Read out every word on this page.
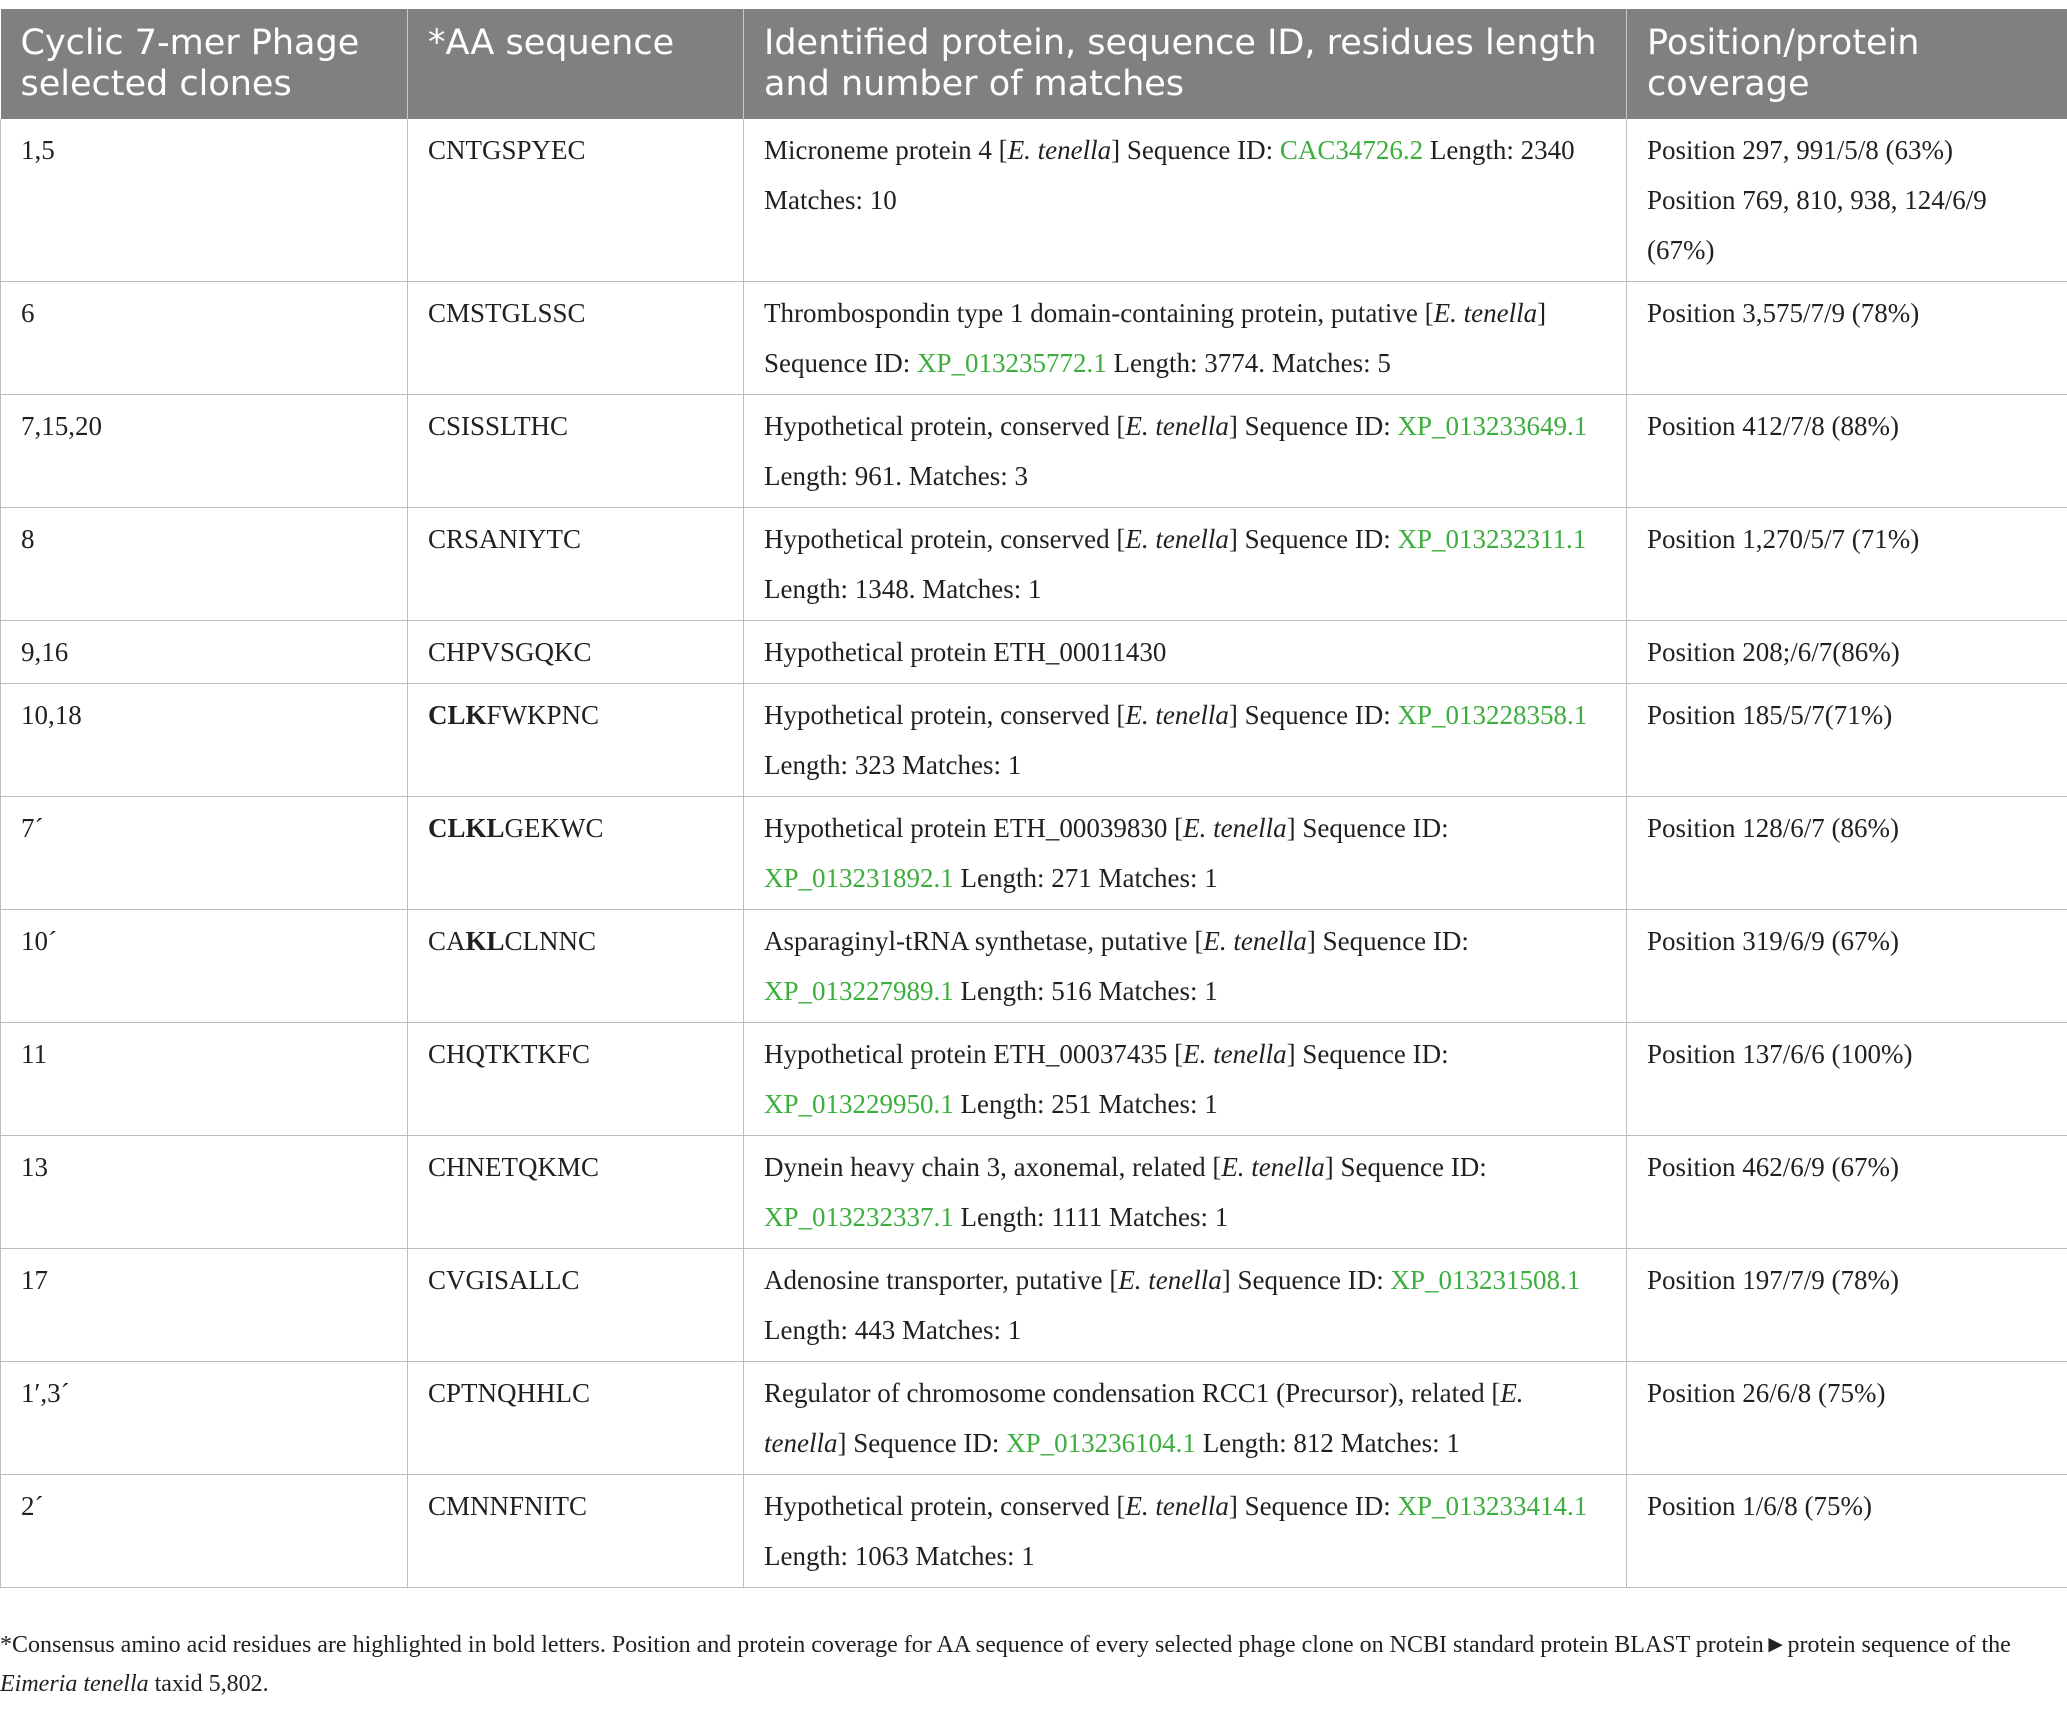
Cyclic 7-mer Phage selected clones	*AA sequence	Identified protein, sequence ID, residues length and number of matches	Position/protein coverage
1,5	CNTGSPYEC	Microneme protein 4 [E. tenella] Sequence ID: CAC34726.2 Length: 2340 Matches: 10	Position 297, 991/5/8 (63%)
Position 769, 810, 938, 124/6/9 (67%)

6	CMSTGLSSC	Thrombospondin type 1 domain-containing protein, putative [E. tenella] Sequence ID: XP_013235772.1 Length: 3774. Matches: 5	Position 3,575/7/9 (78%)

7,15,20	CSISSLTHC	Hypothetical protein, conserved [E. tenella] Sequence ID: XP_013233649.1 Length: 961. Matches: 3	Position 412/7/8 (88%)

8	CRSANIYTC	Hypothetical protein, conserved [E. tenella] Sequence ID: XP_013232311.1 Length: 1348. Matches: 1	Position 1,270/5/7 (71%)

9,16	CHPVSGQKC	Hypothetical protein ETH_00011430	Position 208;/6/7(86%)

10,18	CLKFWKPNC	Hypothetical protein, conserved [E. tenella] Sequence ID: XP_013228358.1 Length: 323 Matches: 1	Position 185/5/7(71%)

7´	CLKLGEKWC	Hypothetical protein ETH_00039830 [E. tenella] Sequence ID: XP_013231892.1 Length: 271 Matches: 1	Position 128/6/7 (86%)

10´	CAKLCLNNC	Asparaginyl-tRNA synthetase, putative [E. tenella] Sequence ID: XP_013227989.1 Length: 516 Matches: 1	Position 319/6/9 (67%)

11	CHQTKTKFC	Hypothetical protein ETH_00037435 [E. tenella] Sequence ID: XP_013229950.1 Length: 251 Matches: 1	Position 137/6/6 (100%)

13	CHNETQKMC	Dynein heavy chain 3, axonemal, related [E. tenella] Sequence ID: XP_013232337.1 Length: 1111 Matches: 1	Position 462/6/9 (67%)

17	CVGISALLC	Adenosine transporter, putative [E. tenella] Sequence ID: XP_013231508.1 Length: 443 Matches: 1	Position 197/7/9 (78%)

1′,3´	CPTNQHHLC	Regulator of chromosome condensation RCC1 (Precursor), related [E. tenella] Sequence ID: XP_013236104.1 Length: 812 Matches: 1	Position 26/6/8 (75%)

2´	CMNNFNITC	Hypothetical protein, conserved [E. tenella] Sequence ID: XP_013233414.1 Length: 1063 Matches: 1	Position 1/6/8 (75%)
*Consensus amino acid residues are highlighted in bold letters. Position and protein coverage for AA sequence of every selected phage clone on NCBI standard protein BLAST protein►protein sequence of the Eimeria tenella taxid 5,802.
